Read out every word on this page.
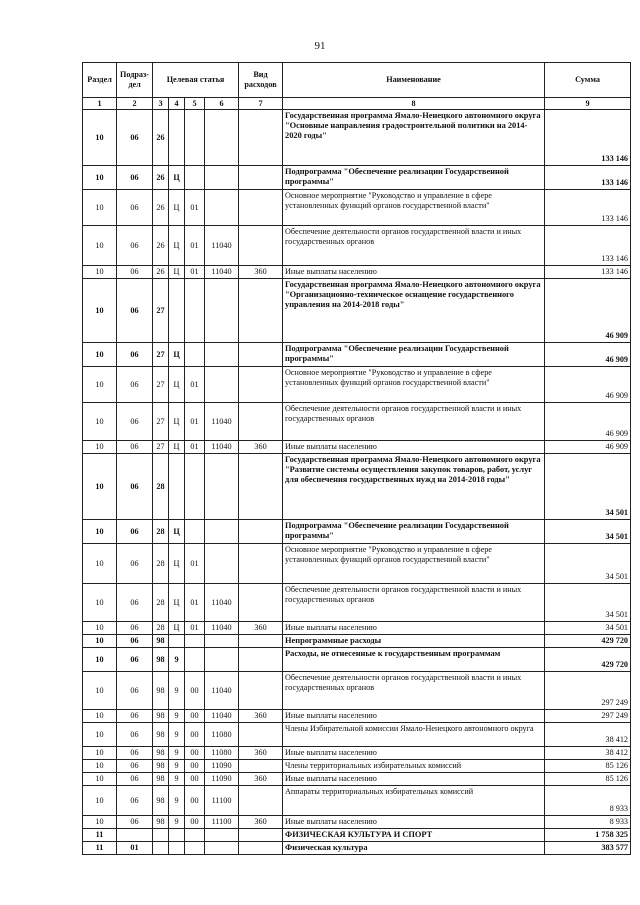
91
Раздел	Подраз-дел	Целевая статья				Вид расходов	Наименование	Сумма
1	2	3	4	5	6	7	8	9
10	06	26					Государственная программа Ямало-Ненецкого автономного округа "Основные направления градостроительной политики на 2014-2020 годы"	133 146
10	06	26	Ц				Подпрограмма "Обеспечение реализации Государственной программы"	133 146
10	06	26	Ц	01			Основное мероприятие "Руководство и управление в сфере установленных функций органов государственной власти"	133 146
10	06	26	Ц	01	11040		Обеспечение деятельности органов государственной власти и иных государственных органов	133 146
10	06	26	Ц	01	11040	360	Иные выплаты населению	133 146
10	06	27					Государственная программа Ямало-Ненецкого автономного округа "Организационно-техническое оснащение государственного управления на 2014-2018 годы"	46 909
10	06	27	Ц				Подпрограмма "Обеспечение реализации Государственной программы"	46 909
10	06	27	Ц	01			Основное мероприятие "Руководство и управление в сфере установленных функций органов государственной власти"	46 909
10	06	27	Ц	01	11040		Обеспечение деятельности органов государственной власти и иных государственных органов	46 909
10	06	27	Ц	01	11040	360	Иные выплаты населению	46 909
10	06	28					Государственная программа Ямало-Ненецкого автономного округа "Развитие системы осуществления закупок товаров, работ, услуг для обеспечения государственных нужд на 2014-2018 годы"	34 501
10	06	28	Ц				Подпрограмма "Обеспечение реализации Государственной программы"	34 501
10	06	28	Ц	01			Основное мероприятие "Руководство и управление в сфере установленных функций органов государственной власти"	34 501
10	06	28	Ц	01	11040		Обеспечение деятельности органов государственной власти и иных государственных органов	34 501
10	06	28	Ц	01	11040	360	Иные выплаты населению	34 501
10	06	98					Непрограммные расходы	429 720
10	06	98	9				Расходы, не отнесенные к государственным программам	429 720
10	06	98	9	00	11040		Обеспечение деятельности органов государственной власти и иных государственных органов	297 249
10	06	98	9	00	11040	360	Иные выплаты населению	297 249
10	06	98	9	00	11080		Члены Избирательной комиссии Ямало-Ненецкого автономного округа	38 412
10	06	98	9	00	11080	360	Иные выплаты населению	38 412
10	06	98	9	00	11090		Члены территориальных избирательных комиссий	85 126
10	06	98	9	00	11090	360	Иные выплаты населению	85 126
10	06	98	9	00	11100		Аппараты территориальных избирательных комиссий	8 933
10	06	98	9	00	11100	360	Иные выплаты населению	8 933
11							ФИЗИЧЕСКАЯ КУЛЬТУРА И СПОРТ	1 758 325
11	01						Физическая культура	383 577
